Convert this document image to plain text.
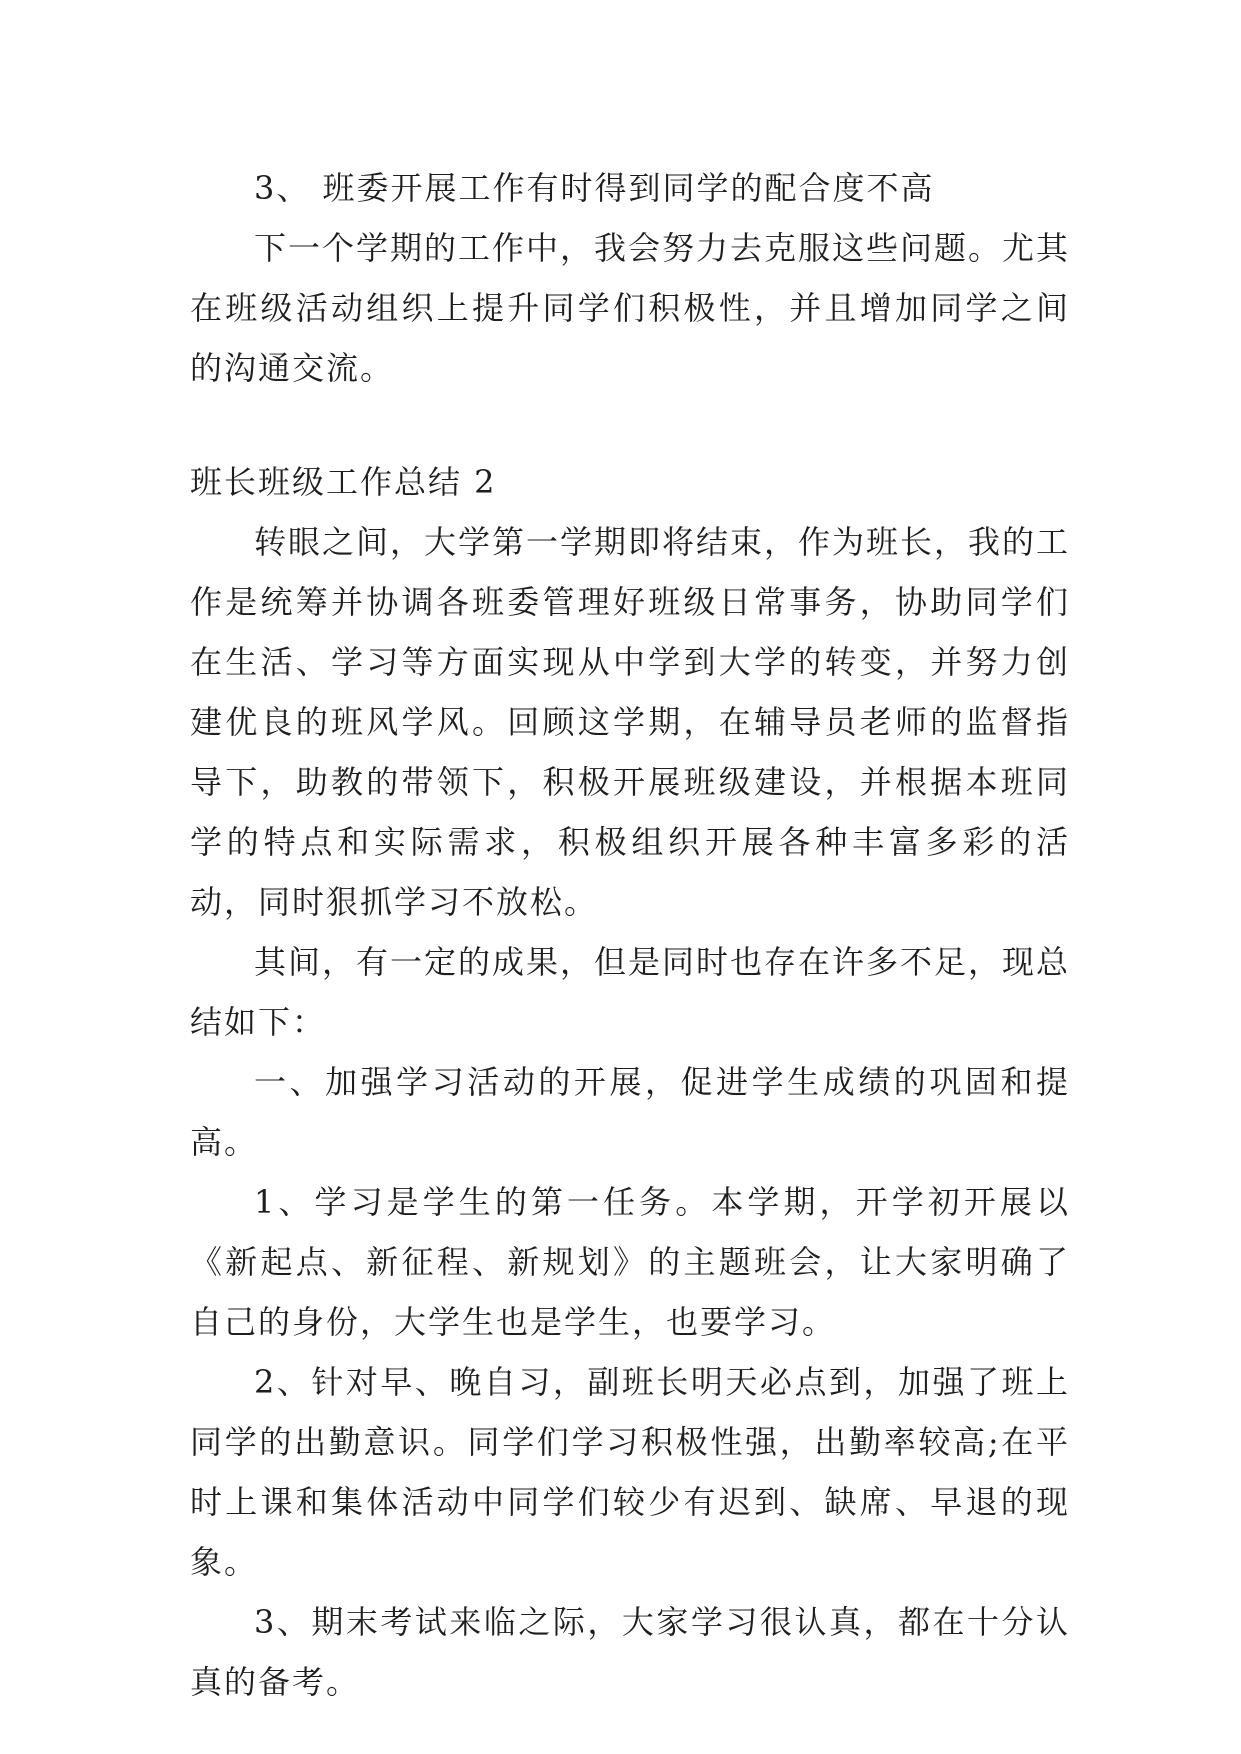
3、 班委开展工作有时得到同学的配合度不高

下一个学期的工作中，我会努力去克服这些问题。尤其在班级活动组织上提升同学们积极性，并且增加同学之间的沟通交流。

班长班级工作总结 2

转眼之间，大学第一学期即将结束，作为班长，我的工作是统筹并协调各班委管理好班级日常事务，协助同学们在生活、学习等方面实现从中学到大学的转变，并努力创建优良的班风学风。回顾这学期，在辅导员老师的监督指导下，助教的带领下，积极开展班级建设，并根据本班同学的特点和实际需求，积极组织开展各种丰富多彩的活动，同时狠抓学习不放松。

其间，有一定的成果，但是同时也存在许多不足，现总结如下：

一、加强学习活动的开展，促进学生成绩的巩固和提高。

1、学习是学生的第一任务。本学期，开学初开展以《新起点、新征程、新规划》的主题班会，让大家明确了自己的身份，大学生也是学生，也要学习。

2、针对早、晚自习，副班长明天必点到，加强了班上同学的出勤意识。同学们学习积极性强，出勤率较高;在平时上课和集体活动中同学们较少有迟到、缺席、早退的现象。

3、期末考试来临之际，大家学习很认真，都在十分认真的备考。
